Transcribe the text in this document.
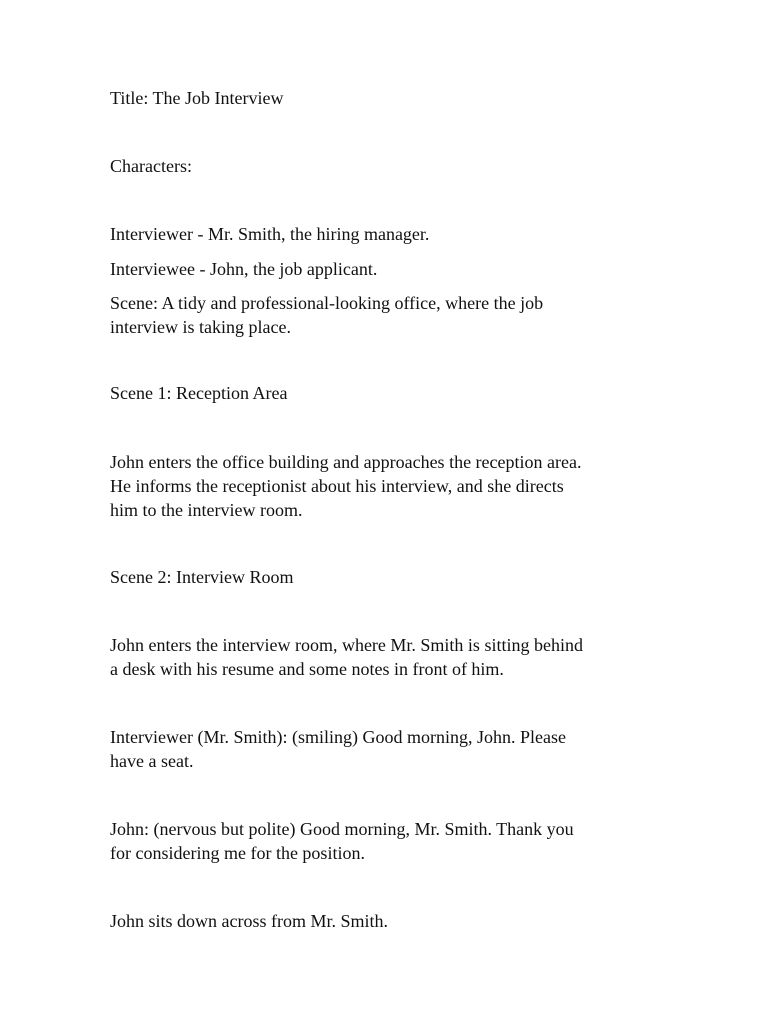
Title: The Job Interview

Characters:

Interviewer - Mr. Smith, the hiring manager.

Interviewee - John, the job applicant.

Scene: A tidy and professional-looking office, where the job
interview is taking place.

Scene 1: Reception Area

John enters the office building and approaches the reception area.
He informs the receptionist about his interview, and she directs
him to the interview room.

Scene 2: Interview Room

John enters the interview room, where Mr. Smith is sitting behind
a desk with his resume and some notes in front of him.

Interviewer (Mr. Smith): (smiling) Good morning, John. Please
have a seat.

John: (nervous but polite) Good morning, Mr. Smith. Thank you
for considering me for the position.

John sits down across from Mr. Smith.
